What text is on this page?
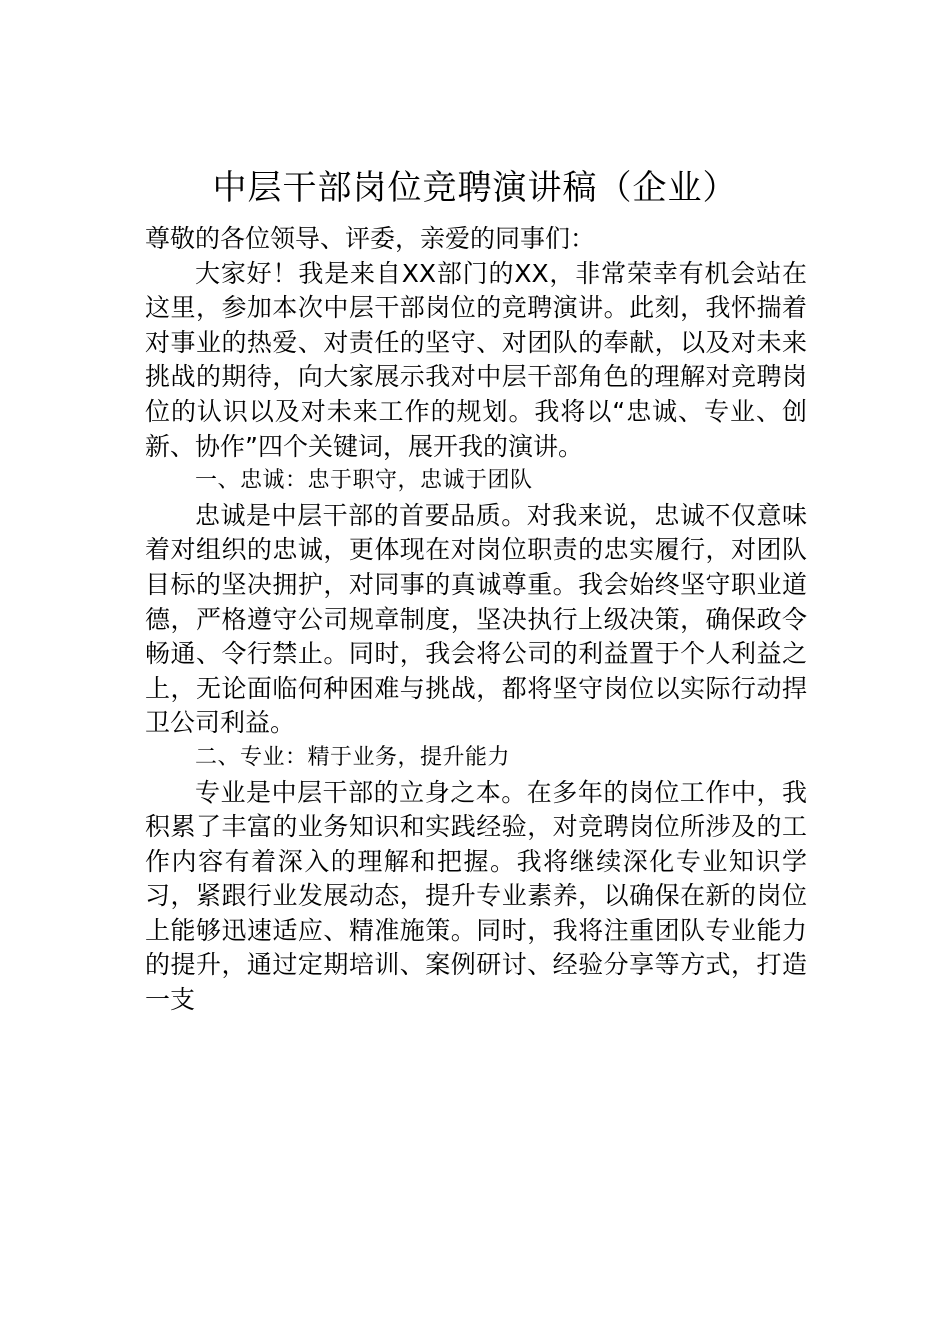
中层干部岗位竞聘演讲稿（企业）

尊敬的各位领导、评委，亲爱的同事们：

大家好！我是来自XX部门的XX，非常荣幸有机会站在这里，参加本次中层干部岗位的竞聘演讲。此刻，我怀揣着对事业的热爱、对责任的坚守、对团队的奉献，以及对未来挑战的期待，向大家展示我对中层干部角色的理解对竞聘岗位的认识以及对未来工作的规划。我将以“忠诚、专业、创新、协作”四个关键词，展开我的演讲。

一、忠诚：忠于职守，忠诚于团队

忠诚是中层干部的首要品质。对我来说，忠诚不仅意味着对组织的忠诚，更体现在对岗位职责的忠实履行，对团队目标的坚决拥护，对同事的真诚尊重。我会始终坚守职业道德，严格遵守公司规章制度，坚决执行上级决策，确保政令畅通、令行禁止。同时，我会将公司的利益置于个人利益之上，无论面临何种困难与挑战，都将坚守岗位以实际行动捍卫公司利益。

二、专业：精于业务，提升能力

专业是中层干部的立身之本。在多年的岗位工作中，我积累了丰富的业务知识和实践经验，对竞聘岗位所涉及的工作内容有着深入的理解和把握。我将继续深化专业知识学习，紧跟行业发展动态，提升专业素养，以确保在新的岗位上能够迅速适应、精准施策。同时，我将注重团队专业能力的提升，通过定期培训、案例研讨、经验分享等方式，打造一支
